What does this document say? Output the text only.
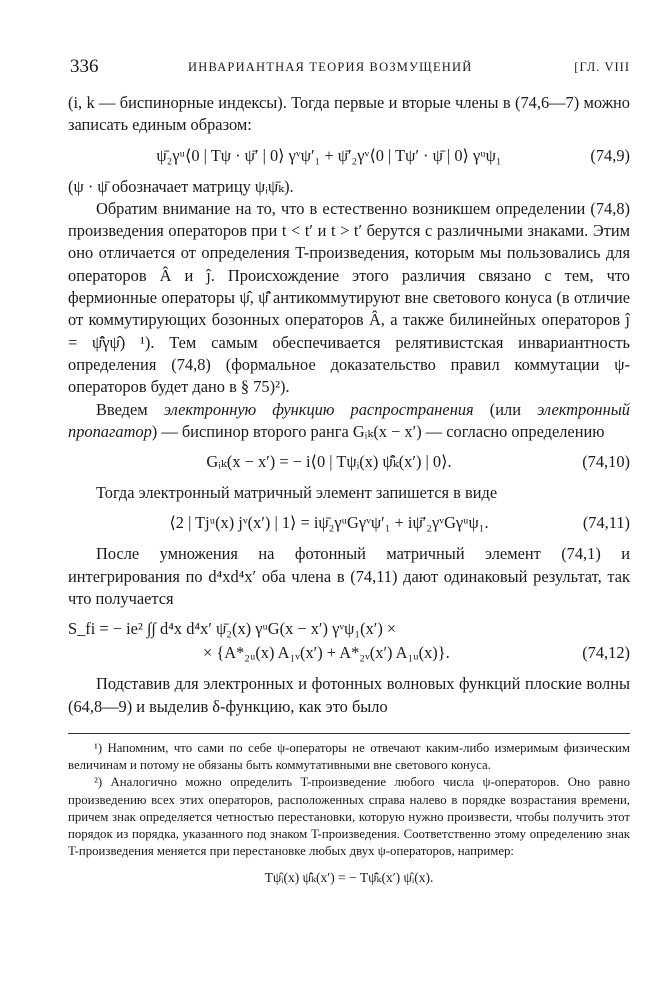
336	ИНВАРИАНТНАЯ ТЕОРИЯ ВОЗМУЩЕНИЙ	[ГЛ. VIII

(i, k — биспинорные индексы). Тогда первые и вторые члены в (74,6—7) можно записать единым образом:

ψ̄₂γᵘ⟨0 | Tψ · ψ̄′ | 0⟩ γᵛψ′₁ + ψ̄′₂γᵛ⟨0 | Tψ′ · ψ̄ | 0⟩ γᵘψ₁	(74,9)

(ψ · ψ̄ обозначает матрицу ψᵢψ̄ₖ).

Обратим внимание на то, что в естественно возникшем определении (74,8) произведения операторов при t < t′ и t > t′ берутся с различными знаками. Этим оно отличается от определения T-произведения, которым мы пользовались для операторов Â и ĵ. Происхождение этого различия связано с тем, что фермионные операторы ψ̂, ψ̂̄ антикоммутируют вне светового конуса (в отличие от коммутирующих бозонных операторов Â, а также билинейных операторов ĵ = ψ̂̄γψ̂) ¹). Тем самым обеспечивается релятивистская инвариантность определения (74,8) (формальное доказательство правил коммутации ψ-операторов будет дано в § 75)²).

Введем электронную функцию распространения (или электронный пропагатор) — биспинор второго ранга Gᵢₖ(x − x′) — согласно определению

Gᵢₖ(x − x′) = − i⟨0 | Tψᵢ(x) ψ̂̄ₖ(x′) | 0⟩.	(74,10)

Тогда электронный матричный элемент запишется в виде

⟨2 | Tjᵘ(x) jᵛ(x′) | 1⟩ = iψ̄₂γᵘGγᵛψ′₁ + iψ̄′₂γᵛGγᵘψ₁.	(74,11)

После умножения на фотонный матричный элемент (74,1) и интегрирования по d⁴xd⁴x′ оба члена в (74,11) дают одинаковый результат, так что получается

S_fi = − ie² ∫∫ d⁴x d⁴x′ ψ̄₂(x) γᵘG(x − x′) γᵛψ₁(x′) ×
× {A*₂ᵤ(x) A₁ᵥ(x′) + A*₂ᵥ(x′) A₁ᵤ(x)}.	(74,12)

Подставив для электронных и фотонных волновых функций плоские волны (64,8—9) и выделив δ-функцию, как это было

¹) Напомним, что сами по себе ψ-операторы не отвечают каким-либо измеримым физическим величинам и потому не обязаны быть коммутативными вне светового конуса.

²) Аналогично можно определить T-произведение любого числа ψ-операторов. Оно равно произведению всех этих операторов, расположенных справа налево в порядке возрастания времени, причем знак определяется четностью перестановки, которую нужно произвести, чтобы получить этот порядок из порядка, указанного под знаком T-произведения. Соответственно этому определению знак T-произведения меняется при перестановке любых двух ψ-операторов, например:

Tψ̂ᵢ(x) ψ̂̄ₖ(x′) = − Tψ̂̄ₖ(x′) ψ̂ᵢ(x).
